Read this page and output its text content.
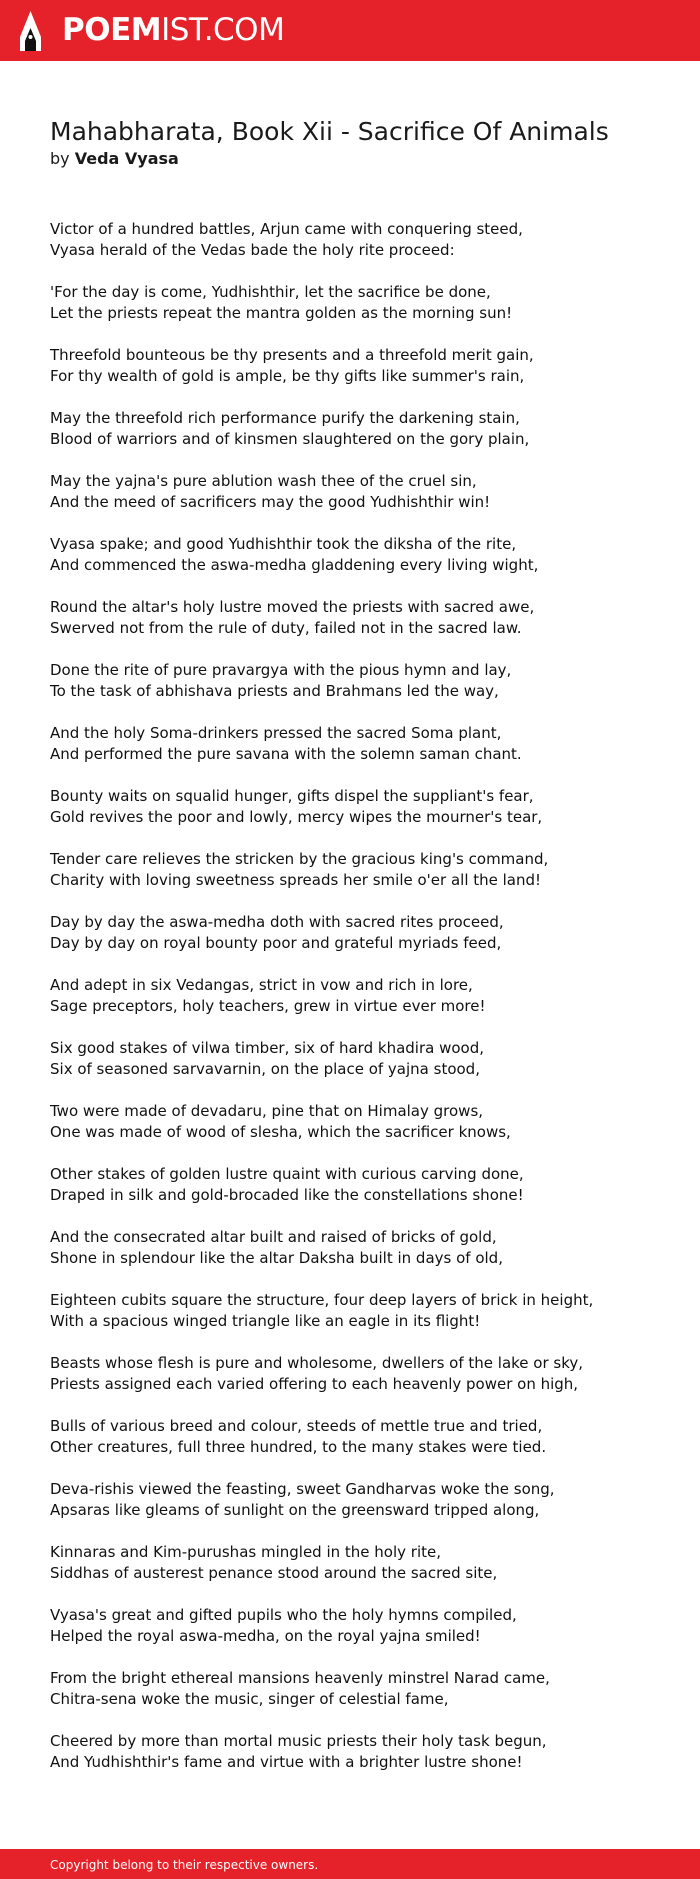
POEMIST.COM
Mahabharata, Book Xii - Sacrifice Of Animals
by Veda Vyasa
Victor of a hundred battles, Arjun came with conquering steed,
Vyasa herald of the Vedas bade the holy rite proceed:
'For the day is come, Yudhishthir, let the sacrifice be done,
Let the priests repeat the mantra golden as the morning sun!
Threefold bounteous be thy presents and a threefold merit gain,
For thy wealth of gold is ample, be thy gifts like summer's rain,
May the threefold rich performance purify the darkening stain,
Blood of warriors and of kinsmen slaughtered on the gory plain,
May the yajna's pure ablution wash thee of the cruel sin,
And the meed of sacrificers may the good Yudhishthir win!
Vyasa spake; and good Yudhishthir took the diksha of the rite,
And commenced the aswa-medha gladdening every living wight,
Round the altar's holy lustre moved the priests with sacred awe,
Swerved not from the rule of duty, failed not in the sacred law.
Done the rite of pure pravargya with the pious hymn and lay,
To the task of abhishava priests and Brahmans led the way,
And the holy Soma-drinkers pressed the sacred Soma plant,
And performed the pure savana with the solemn saman chant.
Bounty waits on squalid hunger, gifts dispel the suppliant's fear,
Gold revives the poor and lowly, mercy wipes the mourner's tear,
Tender care relieves the stricken by the gracious king's command,
Charity with loving sweetness spreads her smile o'er all the land!
Day by day the aswa-medha doth with sacred rites proceed,
Day by day on royal bounty poor and grateful myriads feed,
And adept in six Vedangas, strict in vow and rich in lore,
Sage preceptors, holy teachers, grew in virtue ever more!
Six good stakes of vilwa timber, six of hard khadira wood,
Six of seasoned sarvavarnin, on the place of yajna stood,
Two were made of devadaru, pine that on Himalay grows,
One was made of wood of slesha, which the sacrificer knows,
Other stakes of golden lustre quaint with curious carving done,
Draped in silk and gold-brocaded like the constellations shone!
And the consecrated altar built and raised of bricks of gold,
Shone in splendour like the altar Daksha built in days of old,
Eighteen cubits square the structure, four deep layers of brick in height,
With a spacious winged triangle like an eagle in its flight!
Beasts whose flesh is pure and wholesome, dwellers of the lake or sky,
Priests assigned each varied offering to each heavenly power on high,
Bulls of various breed and colour, steeds of mettle true and tried,
Other creatures, full three hundred, to the many stakes were tied.
Deva-rishis viewed the feasting, sweet Gandharvas woke the song,
Apsaras like gleams of sunlight on the greensward tripped along,
Kinnaras and Kim-purushas mingled in the holy rite,
Siddhas of austerest penance stood around the sacred site,
Vyasa's great and gifted pupils who the holy hymns compiled,
Helped the royal aswa-medha, on the royal yajna smiled!
From the bright ethereal mansions heavenly minstrel Narad came,
Chitra-sena woke the music, singer of celestial fame,
Cheered by more than mortal music priests their holy task begun,
And Yudhishthir's fame and virtue with a brighter lustre shone!
Copyright belong to their respective owners.
